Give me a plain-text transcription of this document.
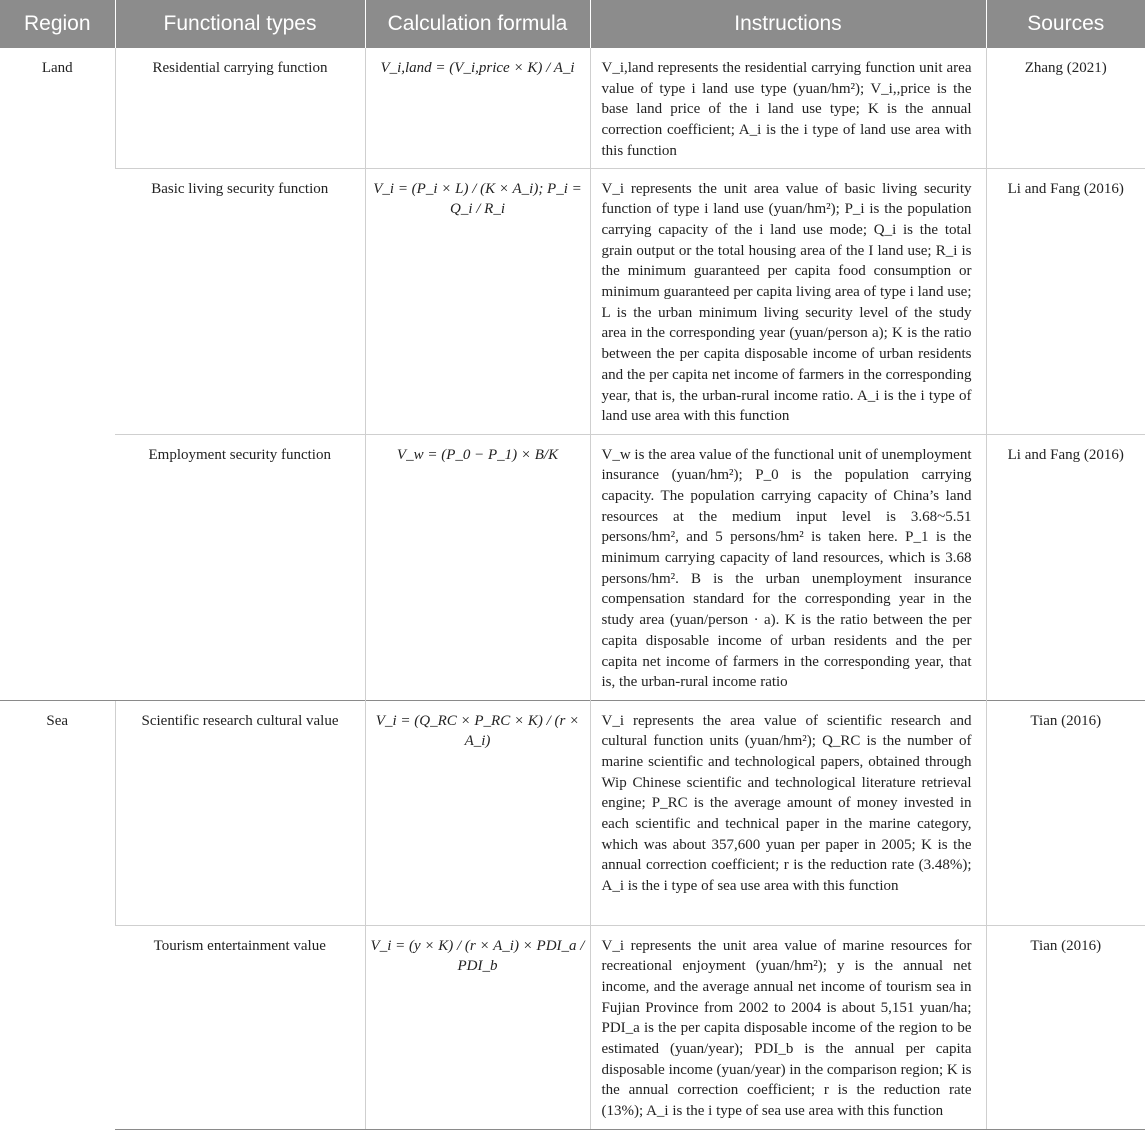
Region	Functional types	Calculation formula	Instructions	Sources
Land	Residential carrying function	V_i,land = (V_i,price × K) / A_i	V_i,land represents the residential carrying function unit area value of type i land use type (yuan/hm²); V_i,,price is the base land price of the i land use type; K is the annual correction coefficient; A_i is the i type of land use area with this function	Zhang (2021)
	Basic living security function	V_i = (P_i × L) / (K × A_i); P_i = Q_i / R_i	V_i represents the unit area value of basic living security function of type i land use (yuan/hm²); P_i is the population carrying capacity of the i land use mode; Q_i is the total grain output or the total housing area of the I land use; R_i is the minimum guaranteed per capita food consumption or minimum guaranteed per capita living area of type i land use; L is the urban minimum living security level of the study area in the corresponding year (yuan/person a); K is the ratio between the per capita disposable income of urban residents and the per capita net income of farmers in the corresponding year, that is, the urban-rural income ratio. A_i is the i type of land use area with this function	Li and Fang (2016)
	Employment security function	V_w = (P_0 − P_1) × B/K	V_w is the area value of the functional unit of unemployment insurance (yuan/hm²); P_0 is the population carrying capacity. The population carrying capacity of China’s land resources at the medium input level is 3.68~5.51 persons/hm², and 5 persons/hm² is taken here. P_1 is the minimum carrying capacity of land resources, which is 3.68 persons/hm². B is the urban unemployment insurance compensation standard for the corresponding year in the study area (yuan/person · a). K is the ratio between the per capita disposable income of urban residents and the per capita net income of farmers in the corresponding year, that is, the urban-rural income ratio	Li and Fang (2016)
Sea	Scientific research cultural value	V_i = (Q_RC × P_RC × K) / (r × A_i)	V_i represents the area value of scientific research and cultural function units (yuan/hm²); Q_RC is the number of marine scientific and technological papers, obtained through Wip Chinese scientific and technological literature retrieval engine; P_RC is the average amount of money invested in each scientific and technical paper in the marine category, which was about 357,600 yuan per paper in 2005; K is the annual correction coefficient; r is the reduction rate (3.48%); A_i is the i type of sea use area with this function	Tian (2016)
	Tourism entertainment value	V_i = (y × K) / (r × A_i) × PDI_a / PDI_b	V_i represents the unit area value of marine resources for recreational enjoyment (yuan/hm²); y is the annual net income, and the average annual net income of tourism sea in Fujian Province from 2002 to 2004 is about 5,151 yuan/ha; PDI_a is the per capita disposable income of the region to be estimated (yuan/year); PDI_b is the annual per capita disposable income (yuan/year) in the comparison region; K is the annual correction coefficient; r is the reduction rate (13%); A_i is the i type of sea use area with this function	Tian (2016)
